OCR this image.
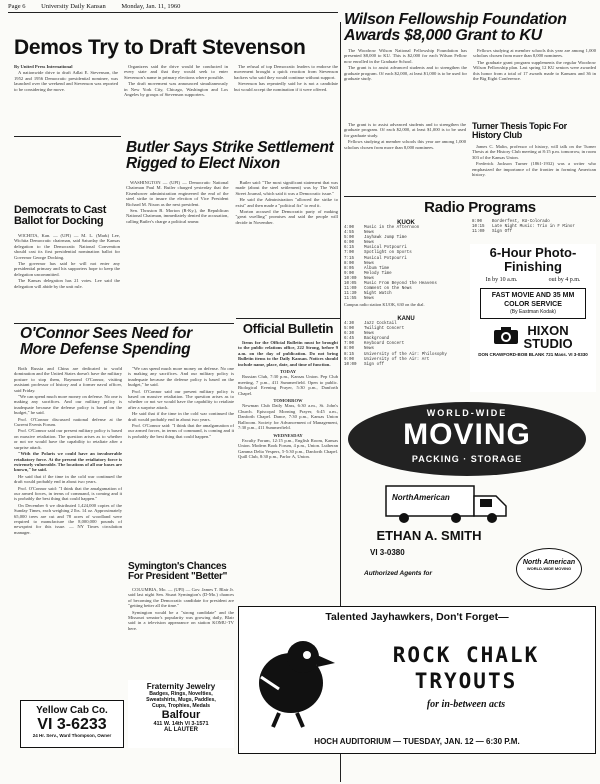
Page 6 University Daily Kansan Monday, Jan. 11, 1960
Demos Try to Draft Stevenson

By United Press International

A nationwide drive to draft Adlai E. Stevenson, the 1952 and 1956 Democratic presidential nominee, was launched over the weekend and Stevenson was reported to be considering the move.

Organizers said the drive would be conducted in every state and that they would seek to enter Stevenson's name in primary elections where possible.

The draft movement was announced simultaneously in New York City, Chicago, Washington and Los Angeles by groups of Stevenson supporters.

The refusal of top Democratic leaders to endorse the movement brought a quick reaction from Stevenson backers who said they would continue without support.

Stevenson has repeatedly said he is not a candidate but would accept the nomination if it were offered.

Democrats to Cast Ballot for Docking

WICHITA, Kan. — (UPI) — M. L. (Mark) Lee, Wichita Democratic chairman, said Saturday the Kansas delegation to the Democratic National Convention should cast its first presidential nomination ballot for Governor George Docking.

The governor has said he will not enter any presidential primary and his supporters hope to keep the delegation uncommitted.

The Kansas delegation has 21 votes. Lee said the delegation will abide by the unit rule.

Butler Says Strike Settlement Rigged to Elect Nixon

WASHINGTON — (UPI) — Democratic National Chairman Paul M. Butler charged yesterday that the Eisenhower administration engineered the end of the steel strike to insure the election of Vice President Richard M. Nixon as the next president.

Sen. Thruston B. Morton (R-Ky.), the Republican National Chairman, immediately denied the accusation, calling Butler's charge a political smear.

Butler said: "The most significant statement that was made (about the steel settlement) was by The Wall Street Journal, which said it was a Democratic issue."

He said the Administration "allowed the strike to exist" and then made a "political fix" to end it.

Morton accused the Democratic party of making "great swelling" promises and said the people will decide in November.

O'Connor Sees Need for More Defense Spending

Both Russia and China are dedicated to world domination and the United States doesn't have the military posture to stop them, Raymond O'Connor, visiting assistant professor of history and a former naval officer, said Friday.

"We can spend much more money on defense. No one is making any sacrifices. And our military policy is inadequate because the defense policy is based on the budget," he said.

Prof. O'Connor discussed national defense at the Current Events Forum.

Prof. O'Connor said our present military policy is based on massive retaliation. The question arises as to whether or not we would have the capability to retaliate after a surprise attack.

"With the Polaris we could have an invulnerable retaliatory force. At the present the retaliatory force is extremely vulnerable. The locations of all our bases are known," he said.

He said that if the time in the cold war continued the draft would probably end in about two years.

Prof. O'Connor said: "I think that the amalgamation of our armed forces, in terms of command, is coming and it is probably the best thing that could happen."

On December 6 we distributed 1,424,000 copies of the Sunday Times, each weighing 2 lbs. 14 oz. Approximately 65,000 trees are cut and 78 acres of woodland were required to manufacture the 8,000,000 pounds of newsprint for this issue. — NY Times circulation manager.

"We can spend much more money on defense. No one is making any sacrifices. And our military policy is inadequate because the defense policy is based on the budget," he said.

Prof. O'Connor said our present military policy is based on massive retaliation. The question arises as to whether or not we would have the capability to retaliate after a surprise attack.

He said that if the time in the cold war continued the draft would probably end in about two years.

Prof. O'Connor said: "I think that the amalgamation of our armed forces, in terms of command, is coming and it is probably the best thing that could happen."

Symington's Chances For President "Better"

COLUMBIA, Mo. — (UPI) — Gov. James T. Blair Jr. said last night Sen. Stuart Symington's (D-Mo.) chances of becoming the Democratic candidate for president are "getting better all the time."

Symington would be a "strong candidate" and the Missouri senator's popularity was growing daily, Blair said in a television appearance on station KOMU-TV here.

Yellow Cab Co.
VI 3-6233
24 Hr. Serv., Ward Thompson, Owner
Fraternity Jewelry
Badges, Rings, Novelties,
Sweatshirts, Mugs, Paddles,
Cups, Trophies, Medals
Balfour
411 W. 14th VI 3-1571
AL LAUTER
Wilson Fellowship Foundation Awards $8,000 Grant to KU

The Woodrow Wilson National Fellowship Foundation has presented $8,000 to KU. This is $2,000 for each Wilson Fellow now enrolled in the Graduate School.

The grant is to assist advanced students and to strengthen the graduate program. Of each $2,000, at least $1,000 is to be used for graduate study.

Fellows studying at member schools this year are among 1,000 scholars chosen from more than 8,000 nominees.

The graduate grant program supplements the regular Woodrow Wilson Fellowship plan. Last spring 12 KU seniors were awarded this honor from a total of 17 awards made to Kansans and 36 in the Big Eight Conference.

Turner Thesis Topic For History Club

The grant is to assist advanced students and to strengthen the graduate program. Of each $2,000, at least $1,000 is to be used for graduate study.

Fellows studying at member schools this year are among 1,000 scholars chosen from more than 8,000 nominees.	James C. Malin, professor of history, will talk on the Turner Thesis at the History Club meeting at 8:15 p.m. tomorrow, in room 303 of the Kansas Union.

Frederick Jackson Turner (1861-1932) was a writer who emphasized the importance of the frontier in forming American history.

Radio Programs
KUOK
4:00	Music in the Afternoon
4:55	News
5:00	Jayhawk Jump Time
6:00	News
6:15	Musical Potpourri
7:00	Spotlight on Sports
7:15	Musical Potpourri
8:00	News
8:05	Album Time
9:00	Melody Time
10:00	News
10:05	Music From Beyond the Heavens
11:00	Comment on the News
11:30	Night Watch
11:55	News
Campus radio station KUOK, 630 on the dial.
8:00	Borderfest, KU-Colorado
10:15	Late Night Music: Trio in F Minor
11:00	Sign Off
KANU
4:30	Jazz Cocktail
5:00	Twilight Concert
6:30	News
6:45	Background
7:00	Keyboard Concert
8:00	News
8:15	University of the Air: Philosophy
9:00	University of the Air: Art
10:00	Sign off
6-Hour Photo-Finishing
In by 10 a.m.	out by 4 p.m.
FAST MOVIE AND 35 MM COLOR SERVICE
(By Eastman Kodak)
HIXON STUDIO
DON CRAWFORD-BOB BLANK 721 Mass. VI 3-0330
Official Bulletin

Items for the Official Bulletin must be brought to the public relations office, 222 Strong, before 9 a.m. on the day of publication. Do not bring Bulletin items to the Daily Kansan. Notices should include name, place, date, and time of function.

TODAY

Russian Club, 7:30 p.m., Kansas Union. Pep Club meeting, 7 p.m., 411 Summerfield. Open to public. Biological Evening Prayer, 5:30 p.m., Danforth Chapel.

TOMORROW

Newman Club Daily Mass, 6:30 a.m., St. John's Church. Episcopal Morning Prayer, 6:45 a.m., Danforth Chapel. Dance, 7:30 p.m., Kansas Union Ballroom. Society for Advancement of Management, 7:30 p.m., 411 Summerfield.

WEDNESDAY

Faculty Forum, 12:15 p.m., English Room, Kansas Union. Modern Book Forum, 4 p.m., Union. Lutheran Gamma Delta Vespers, 5-5:30 p.m., Danforth Chapel. Quill Club, 8:30 p.m., Parlor A, Union.

WORLD-WIDE
MOVING
PACKING · STORAGE
NorthAmerican
ETHAN A. SMITH
VI 3-0380
Authorized Agents for
North American
WORLD-WIDE MOVING
Talented Jayhawkers, Don't Forget—
ROCK CHALK
TRYOUTS
for in-between acts
HOCH AUDITORIUM — TUESDAY, JAN. 12 — 6:30 P.M.
